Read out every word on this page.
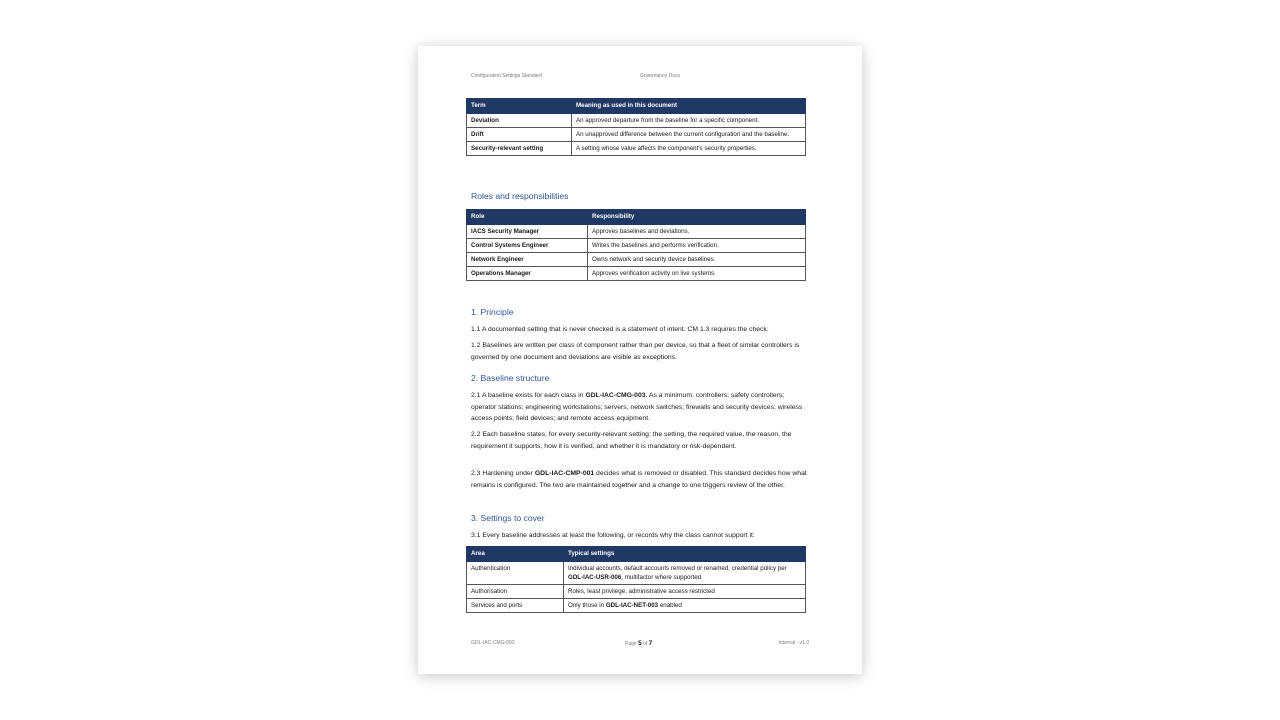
Configuration Settings Standard	Governance Docs
Term	Meaning as used in this document
Deviation	An approved departure from the baseline for a specific component.
Drift	An unapproved difference between the current configuration and the baseline.
Security-relevant setting	A setting whose value affects the component's security properties.
Roles and responsibilities
Role	Responsibility
IACS Security Manager	Approves baselines and deviations.
Control Systems Engineer	Writes the baselines and performs verification.
Network Engineer	Owns network and security device baselines.
Operations Manager	Approves verification activity on live systems.
1. Principle
1.1 A documented setting that is never checked is a statement of intent. CM 1.3 requires the check.
1.2 Baselines are written per class of component rather than per device, so that a fleet of similar controllers is governed by one document and deviations are visible as exceptions.
2. Baseline structure
2.1 A baseline exists for each class in GDL-IAC-CMG-003. As a minimum: controllers; safety controllers; operator stations; engineering workstations; servers; network switches; firewalls and security devices; wireless access points; field devices; and remote access equipment.
2.2 Each baseline states, for every security-relevant setting: the setting, the required value, the reason, the requirement it supports, how it is verified, and whether it is mandatory or risk-dependent.
2.3 Hardening under GDL-IAC-CMP-001 decides what is removed or disabled. This standard decides how what remains is configured. The two are maintained together and a change to one triggers review of the other.
3. Settings to cover
3.1 Every baseline addresses at least the following, or records why the class cannot support it:
Area	Typical settings
Authentication	Individual accounts, default accounts removed or renamed, credential policy per GDL-IAC-USR-006, multifactor where supported
Authorisation	Roles, least privilege, administrative access restricted
Services and ports	Only those in GDL-IAC-NET-003 enabled
GDL-IAC-CMG-002	Page 5 of 7	Internal - v1.0
